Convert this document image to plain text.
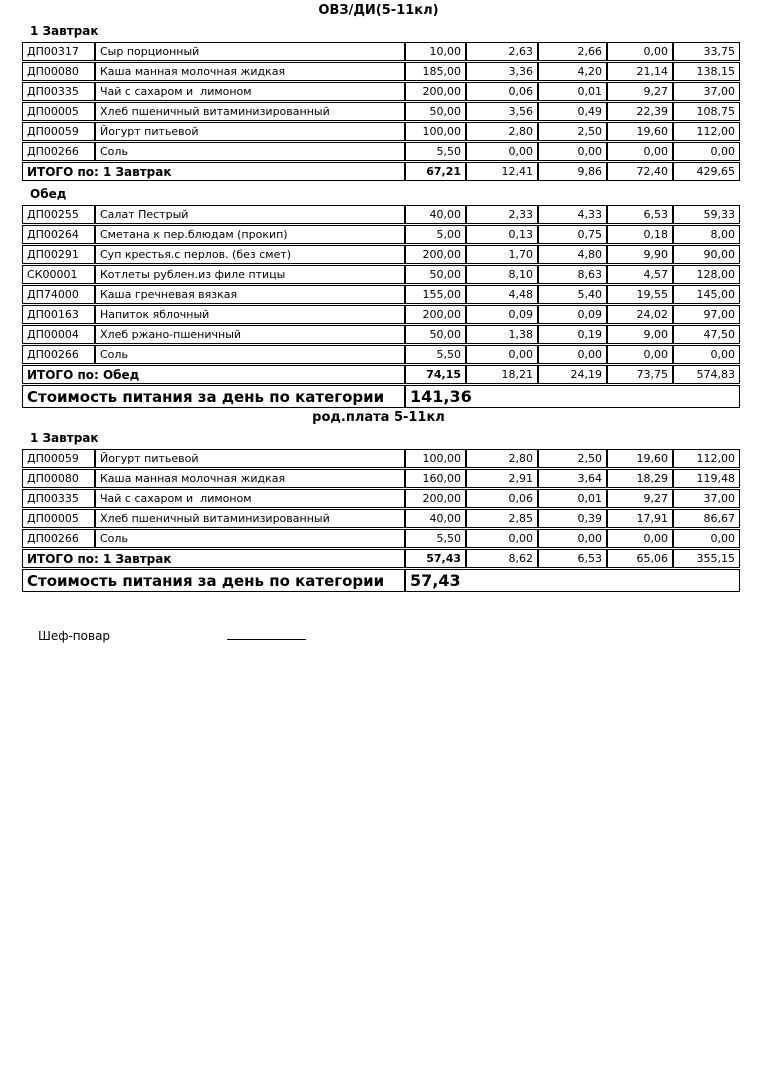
ОВЗ/ДИ(5-11кл)
1 Завтрак
ДП00317	Сыр порционный	10,00	2,63	2,66	0,00	33,75
ДП00080	Каша манная молочная жидкая	185,00	3,36	4,20	21,14	138,15
ДП00335	Чай с сахаром и  лимоном	200,00	0,06	0,01	9,27	37,00
ДП00005	Хлеб пшеничный витаминизированный	50,00	3,56	0,49	22,39	108,75
ДП00059	Йогурт питьевой	100,00	2,80	2,50	19,60	112,00
ДП00266	Соль	5,50	0,00	0,00	0,00	0,00
ИТОГО по: 1 Завтрак		67,21	12,41	9,86	72,40	429,65
Обед
ДП00255	Салат Пестрый	40,00	2,33	4,33	6,53	59,33
ДП00264	Сметана к пер.блюдам (прокип)	5,00	0,13	0,75	0,18	8,00
ДП00291	Суп крестья.с перлов. (без смет)	200,00	1,70	4,80	9,90	90,00
СК00001	Котлеты рублен.из филе птицы	50,00	8,10	8,63	4,57	128,00
ДП74000	Каша гречневая вязкая	155,00	4,48	5,40	19,55	145,00
ДП00163	Напиток яблочный	200,00	0,09	0,09	24,02	97,00
ДП00004	Хлеб ржано-пшеничный	50,00	1,38	0,19	9,00	47,50
ДП00266	Соль	5,50	0,00	0,00	0,00	0,00
ИТОГО по: Обед		74,15	18,21	24,19	73,75	574,83
Стоимость питания за день по категории		141,36				
род.плата 5-11кл
1 Завтрак
ДП00059	Йогурт питьевой	100,00	2,80	2,50	19,60	112,00
ДП00080	Каша манная молочная жидкая	160,00	2,91	3,64	18,29	119,48
ДП00335	Чай с сахаром и  лимоном	200,00	0,06	0,01	9,27	37,00
ДП00005	Хлеб пшеничный витаминизированный	40,00	2,85	0,39	17,91	86,67
ДП00266	Соль	5,50	0,00	0,00	0,00	0,00
ИТОГО по: 1 Завтрак		57,43	8,62	6,53	65,06	355,15
Стоимость питания за день по категории		57,43				
Шеф-повар
